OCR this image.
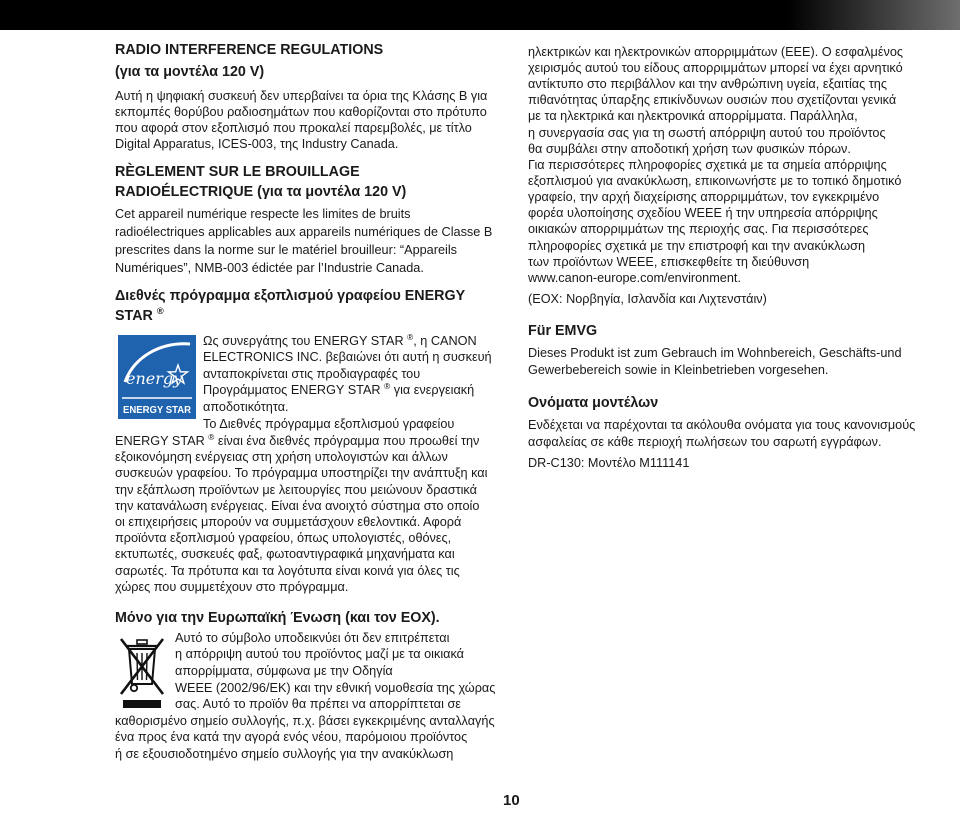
RADIO INTERFERENCE REGULATIONS
(για τα μοντέλα 120 V)
Αυτή η ψηφιακή συσκευή δεν υπερβαίνει τα όρια της Κλάσης Β για
εκπομπές θορύβου ραδιοσημάτων που καθορίζονται στο πρότυπο
που αφορά στον εξοπλισμό που προκαλεί παρεμβολές, με τίτλο
Digital Apparatus, ICES-003, της Industry Canada.
RÈGLEMENT SUR LE BROUILLAGE
RADIOÉLECTRIQUE (για τα μοντέλα 120 V)
Cet appareil numérique respecte les limites de bruits
radioélectriques applicables aux appareils numériques de Classe B
prescrites dans la norme sur le matériel brouilleur: “Appareils
Numériques”, NMB-003 édictée par l’Industrie Canada.
Διεθνές πρόγραμμα εξοπλισμού γραφείου ENERGY
STAR ®
energy
ENERGY STAR
Ως συνεργάτης του ENERGY STAR ®, η CANON
ELECTRONICS INC. βεβαιώνει ότι αυτή η συσκευή
ανταποκρίνεται στις προδιαγραφές του
Προγράμματος ENERGY STAR ® για ενεργειακή
αποδοτικότητα.
Το Διεθνές πρόγραμμα εξοπλισμού γραφείου
ENERGY STAR ® είναι ένα διεθνές πρόγραμμα που προωθεί την
εξοικονόμηση ενέργειας στη χρήση υπολογιστών και άλλων
συσκευών γραφείου. Το πρόγραμμα υποστηρίζει την ανάπτυξη και
την εξάπλωση προϊόντων με λειτουργίες που μειώνουν δραστικά
την κατανάλωση ενέργειας. Είναι ένα ανοιχτό σύστημα στο οποίο
οι επιχειρήσεις μπορούν να συμμετάσχουν εθελοντικά. Αφορά
προϊόντα εξοπλισμού γραφείου, όπως υπολογιστές, οθόνες,
εκτυπωτές, συσκευές φαξ, φωτοαντιγραφικά μηχανήματα και
σαρωτές. Τα πρότυπα και τα λογότυπα είναι κοινά για όλες τις
χώρες που συμμετέχουν στο πρόγραμμα.
Μόνο για την Ευρωπαϊκή Ένωση (και τον ΕΟΧ).
Αυτό το σύμβολο υποδεικνύει ότι δεν επιτρέπεται
η απόρριψη αυτού του προϊόντος μαζί με τα οικιακά
απορρίμματα, σύμφωνα με την Οδηγία
WEEE (2002/96/ΕΚ) και την εθνική νομοθεσία της χώρας
σας. Αυτό το προϊόν θα πρέπει να απορρίπτεται σε
καθορισμένο σημείο συλλογής, π.χ. βάσει εγκεκριμένης ανταλλαγής
ένα προς ένα κατά την αγορά ενός νέου, παρόμοιου προϊόντος
ή σε εξουσιοδοτημένο σημείο συλλογής για την ανακύκλωση
ηλεκτρικών και ηλεκτρονικών απορριμμάτων (ΕΕΕ). Ο εσφαλμένος
χειρισμός αυτού του είδους απορριμμάτων μπορεί να έχει αρνητικό
αντίκτυπο στο περιβάλλον και την ανθρώπινη υγεία, εξαιτίας της
πιθανότητας ύπαρξης επικίνδυνων ουσιών που σχετίζονται γενικά
με τα ηλεκτρικά και ηλεκτρονικά απορρίμματα. Παράλληλα,
η συνεργασία σας για τη σωστή απόρριψη αυτού του προϊόντος
θα συμβάλει στην αποδοτική χρήση των φυσικών πόρων.
Για περισσότερες πληροφορίες σχετικά με τα σημεία απόρριψης
εξοπλισμού για ανακύκλωση, επικοινωνήστε με το τοπικό δημοτικό
γραφείο, την αρχή διαχείρισης απορριμμάτων, τον εγκεκριμένο
φορέα υλοποίησης σχεδίου WEEE ή την υπηρεσία απόρριψης
οικιακών απορριμμάτων της περιοχής σας. Για περισσότερες
πληροφορίες σχετικά με την επιστροφή και την ανακύκλωση
των προϊόντων WEEE, επισκεφθείτε τη διεύθυνση
www.canon-europe.com/environment.
(ΕΟΧ: Νορβηγία, Ισλανδία και Λιχτενστάιν)
Für EMVG
Dieses Produkt ist zum Gebrauch im Wohnbereich, Geschäfts-und
Gewerbebereich sowie in Kleinbetrieben vorgesehen.
Ονόματα μοντέλων
Ενδέχεται να παρέχονται τα ακόλουθα ονόματα για τους κανονισμούς
ασφαλείας σε κάθε περιοχή πωλήσεων του σαρωτή εγγράφων.
DR-C130: Μοντέλο M111141
10
